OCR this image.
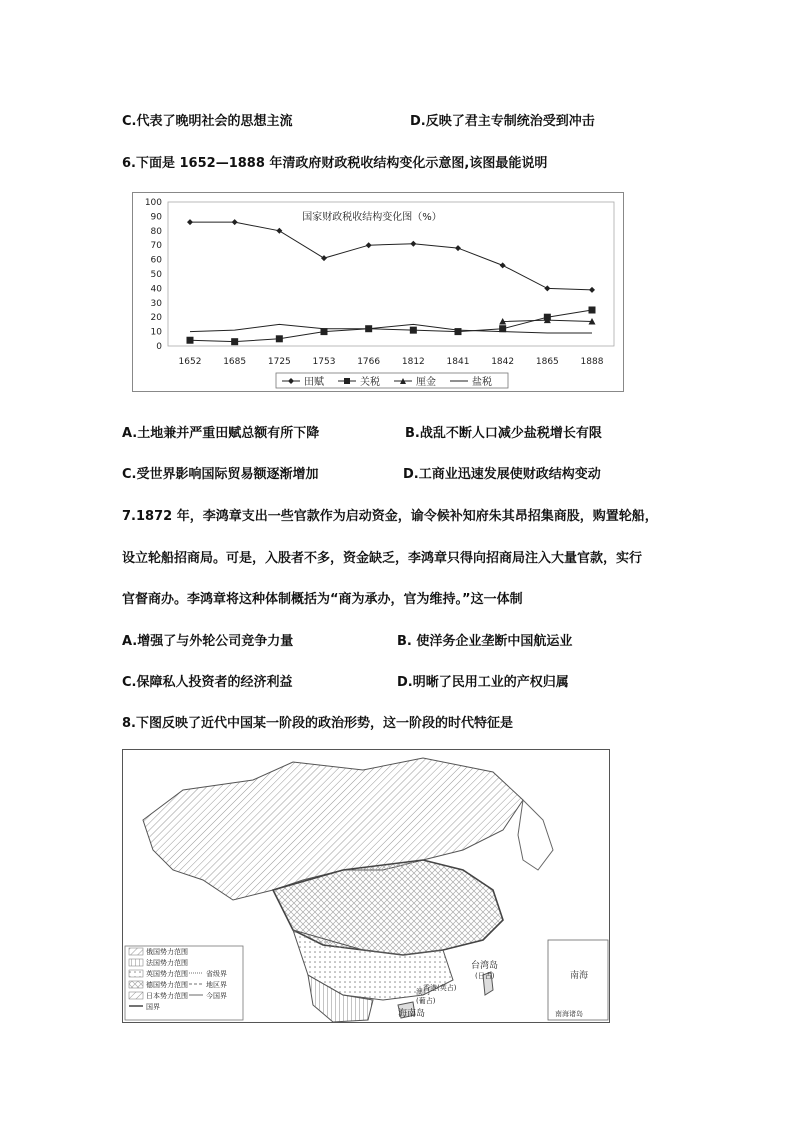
C.代表了晚明社会的思想主流	D.反映了君主专制统治受到冲击
6.下面是 1652—1888 年清政府财政税收结构变化示意图,该图最能说明
国家财政税收结构变化图（%）
100
90
80
70
60
50
40
30
20
10
0
1652 1685 1725 1753 1766 1812 1841 1842 1865 1888
田赋	关税	厘金	盐税
A.土地兼并严重田赋总额有所下降	B.战乱不断人口减少盐税增长有限
C.受世界影响国际贸易额逐渐增加	D.工商业迅速发展使财政结构变动
7.1872 年，李鸿章支出一些官款作为启动资金，谕令候补知府朱其昂招集商股，购置轮船，
设立轮船招商局。可是，入股者不多，资金缺乏，李鸿章只得向招商局注入大量官款，实行
官督商办。李鸿章将这种体制概括为“商为承办，官为维持。”这一体制
A.增强了与外轮公司竞争力量	B. 使洋务企业垄断中国航运业
C.保障私人投资者的经济利益	D.明晰了民用工业的产权归属
8.下图反映了近代中国某一阶段的政治形势，这一阶段的时代特征是
俄国势力范围
法国势力范围
英国势力范围
德国势力范围
日本势力范围
国界
省级界
地区界
今国界
台湾岛
(日占)
香港(英占)
澳门
(葡占)
海南岛
南海
南海诸岛
